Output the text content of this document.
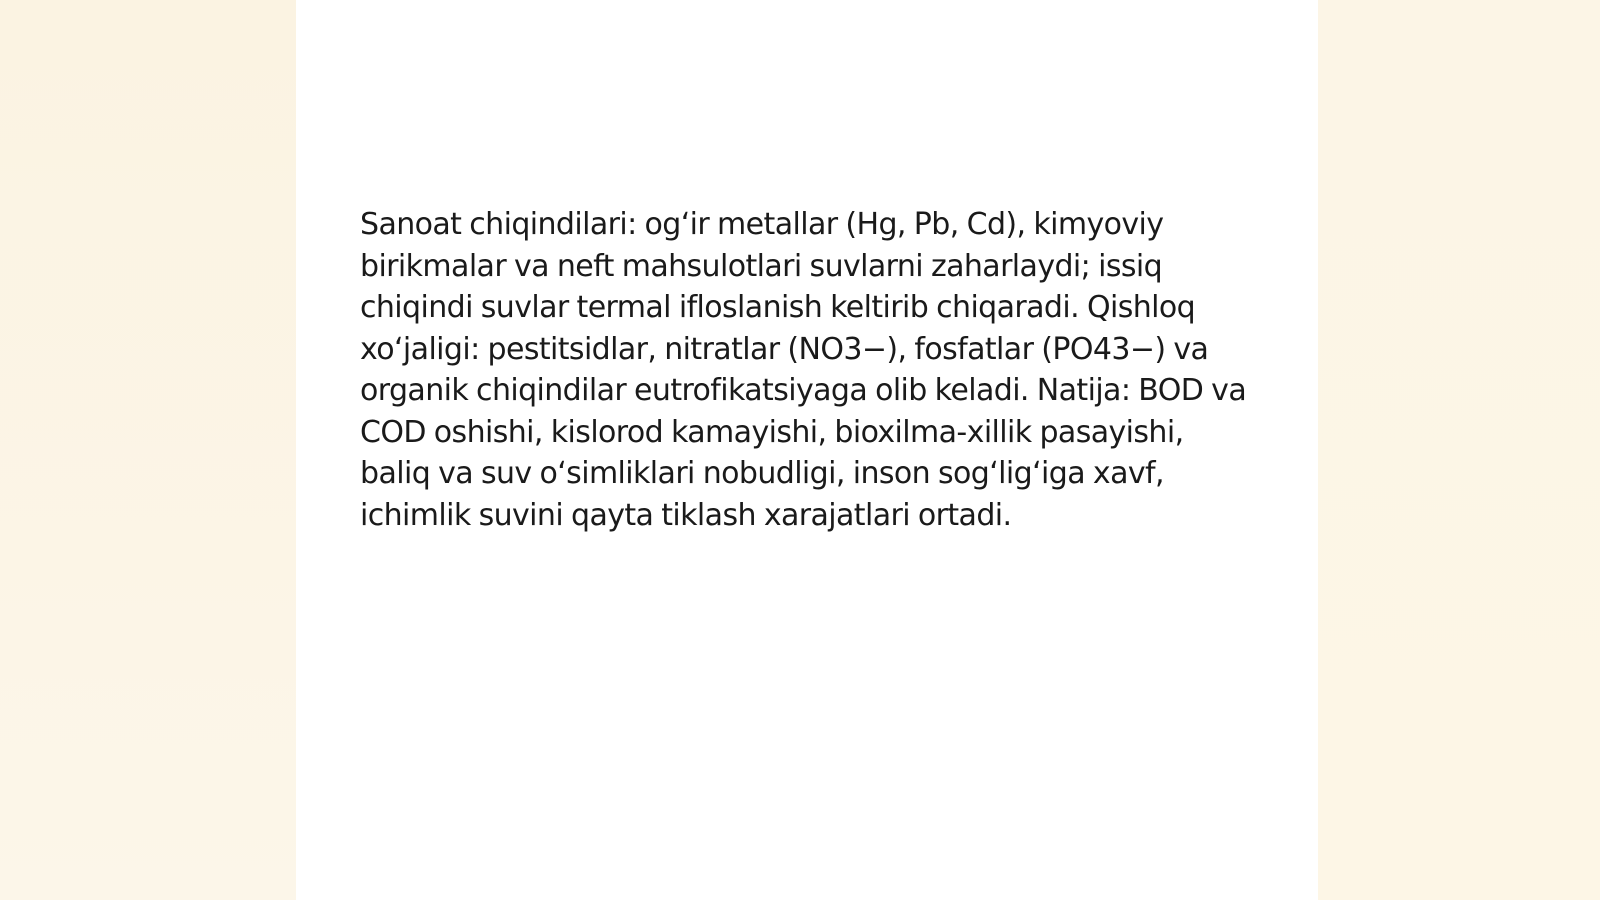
Sanoat chiqindilari: og‘ir metallar (Hg, Pb, Cd), kimyoviy birikmalar va neft mahsulotlari suvlarni zaharlaydi; issiq chiqindi suvlar termal ifloslanish keltirib chiqaradi. Qishloq xo‘jaligi: pestitsidlar, nitratlar (NO3−), fosfatlar (PO43−) va organik chiqindilar eutrofikatsiyaga olib keladi. Natija: BOD va COD oshishi, kislorod kamayishi, bioxilma-xillik pasayishi, baliq va suv o‘simliklari nobudligi, inson sog‘lig‘iga xavf, ichimlik suvini qayta tiklash xarajatlari ortadi.
